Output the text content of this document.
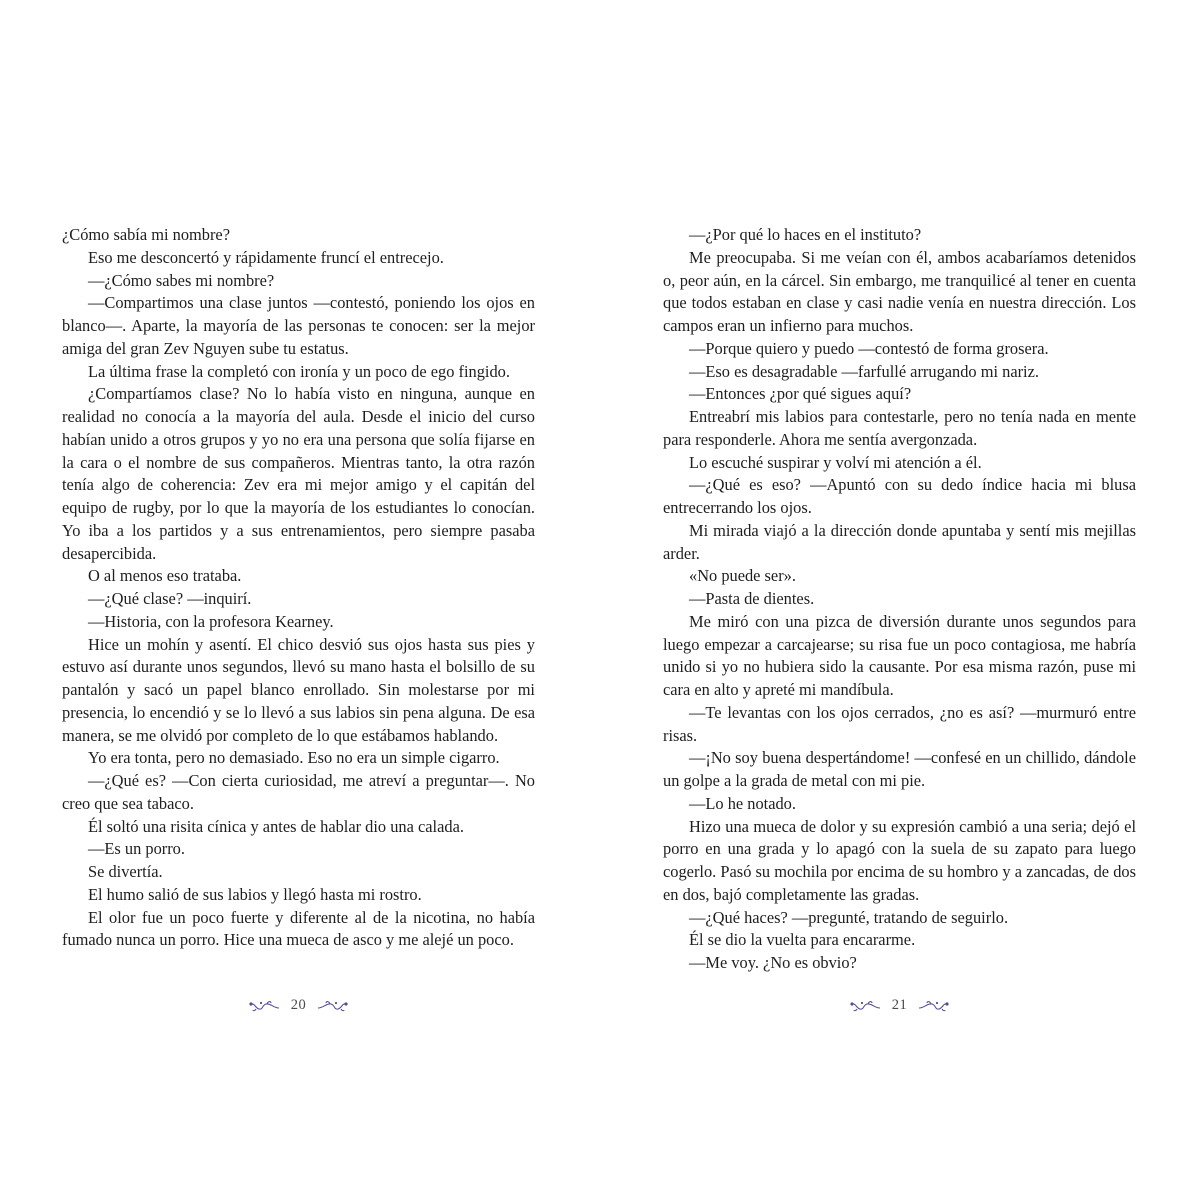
¿Cómo sabía mi nombre?

Eso me desconcertó y rápidamente fruncí el entrecejo.

—¿Cómo sabes mi nombre?

—Compartimos una clase juntos —contestó, poniendo los ojos en blanco—. Aparte, la mayoría de las personas te conocen: ser la mejor amiga del gran Zev Nguyen sube tu estatus.

La última frase la completó con ironía y un poco de ego fingido.

¿Compartíamos clase? No lo había visto en ninguna, aunque en realidad no conocía a la mayoría del aula. Desde el inicio del curso habían unido a otros grupos y yo no era una persona que solía fijarse en la cara o el nombre de sus compañeros. Mientras tanto, la otra razón tenía algo de coherencia: Zev era mi mejor amigo y el capitán del equipo de rugby, por lo que la mayoría de los estudiantes lo conocían. Yo iba a los partidos y a sus entrenamientos, pero siempre pasaba desapercibida.

O al menos eso trataba.

—¿Qué clase? —inquirí.

—Historia, con la profesora Kearney.

Hice un mohín y asentí. El chico desvió sus ojos hasta sus pies y estuvo así durante unos segundos, llevó su mano hasta el bolsillo de su pantalón y sacó un papel blanco enrollado. Sin molestarse por mi presencia, lo encendió y se lo llevó a sus labios sin pena alguna. De esa manera, se me olvidó por completo de lo que estábamos hablando.

Yo era tonta, pero no demasiado. Eso no era un simple cigarro.

—¿Qué es? —Con cierta curiosidad, me atreví a preguntar—. No creo que sea tabaco.

Él soltó una risita cínica y antes de hablar dio una calada.

—Es un porro.

Se divertía.

El humo salió de sus labios y llegó hasta mi rostro.

El olor fue un poco fuerte y diferente al de la nicotina, no había fumado nunca un porro. Hice una mueca de asco y me alejé un poco.

20

—¿Por qué lo haces en el instituto?

Me preocupaba. Si me veían con él, ambos acabaríamos detenidos o, peor aún, en la cárcel. Sin embargo, me tranquilicé al tener en cuenta que todos estaban en clase y casi nadie venía en nuestra dirección. Los campos eran un infierno para muchos.

—Porque quiero y puedo —contestó de forma grosera.

—Eso es desagradable —farfullé arrugando mi nariz.

—Entonces ¿por qué sigues aquí?

Entreabrí mis labios para contestarle, pero no tenía nada en mente para responderle. Ahora me sentía avergonzada.

Lo escuché suspirar y volví mi atención a él.

—¿Qué es eso? —Apuntó con su dedo índice hacia mi blusa entrecerrando los ojos.

Mi mirada viajó a la dirección donde apuntaba y sentí mis mejillas arder.

«No puede ser».

—Pasta de dientes.

Me miró con una pizca de diversión durante unos segundos para luego empezar a carcajearse; su risa fue un poco contagiosa, me habría unido si yo no hubiera sido la causante. Por esa misma razón, puse mi cara en alto y apreté mi mandíbula.

—Te levantas con los ojos cerrados, ¿no es así? —murmuró entre risas.

—¡No soy buena despertándome! —confesé en un chillido, dándole un golpe a la grada de metal con mi pie.

—Lo he notado.

Hizo una mueca de dolor y su expresión cambió a una seria; dejó el porro en una grada y lo apagó con la suela de su zapato para luego cogerlo. Pasó su mochila por encima de su hombro y a zancadas, de dos en dos, bajó completamente las gradas.

—¿Qué haces? —pregunté, tratando de seguirlo.

Él se dio la vuelta para encararme.

—Me voy. ¿No es obvio?

21
